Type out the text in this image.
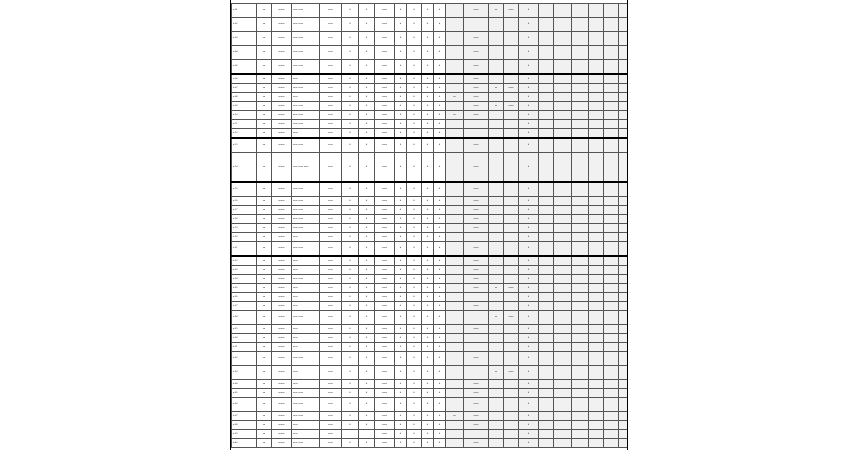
a-01	na	nnnnn	xxxx xxxx	xxxx	#	#	nnnn	#	#	#	#		nnnn	xx	nnnn	#						
a-02	na	nnnnn	xxxx xxxx	xxxx	#	#	nnnn	#	#	#	#					#						
a-03	na	nnnnn	xxxx xxxx	xxxx	#	#	nnnn	#	#	#	#		nnnn			#						
a-04	na	nnnnn	xxxx xxxx	xxxx	#	#	nnnn	#	#	#	#		nnnn			#						
a-05	na	nnnnn	xxxx xxxx	xxxx	#	#	nnnn	#	#	#	#		nnnn			#						
a-06	na	nnnnn	xxxx	xxxx	#	#	nnnn	#	#	#	#		nnnn			#						
a-07	na	nnnnn	xxxx xxxx	xxxx	#	#	nnnn	#	#	#	#		nnnn	xx	nnnn	#						
a-08	na	nnnnn	xxxx	xxxx	#	#	nnnn	#	#	#	#	nn	nnnn			#						
a-09	na	nnnnn	xxxx xxxx	xxxx	#	#	nnnn	#	#	#	#		nnnn	xx	nnnn	#						
a-10	na	nnnnn	xxxx xxxx	xxxx	#	#	nnnn	#	#	#	#	nn	nnnn			#						
a-11	na	nnnnn	xxxx xxxx	xxxx	#	#	nnnn	#	#	#	#					#						
a-12	na	nnnnn	xxxx	xxxx	#	#	nnnn	#	#	#	#					#						
a-13	na	nnnnn	xxxx xxxx	xxxx	#	#	nnnn	#	#	#	#		nnnn			#						
a-14	na	nnnnn	xxxx xxxx xxxx	xxxx	#	#	nnnn	#	#	#	#		nnnn			#						
a-15	na	nnnnn	xxxx xxxx	xxxx	#	#	nnnn	#	#	#	#		nnnn			#						
a-16	na	nnnnn	xxxx xxxx	xxxx	#	#	nnnn	#	#	#	#		nnnn			#						
a-17	na	nnnnn	xxxx xxxx	xxxx	#	#	nnnn	#	#	#	#		nnnn			#						
a-18	na	nnnnn	xxxx xxxx	xxxx	#	#	nnnn	#	#	#	#		nnnn			#						
a-19	na	nnnnn	xxxx xxxx	xxxx	#	#	nnnn	#	#	#	#		nnnn			#						
a-20	na	nnnnn	xxxx	xxxx	#	#	nnnn	#	#	#	#					#						
a-21	na	nnnnn	xxxx xxxx	xxxx	#	#	nnnn	#	#	#	#		nnnn			#						
a-22	na	nnnnn	xxxx	xxxx	#	#	nnnn	#	#	#	#		nnnn			#						
a-23	na	nnnnn	xxxx	xxxx	#	#	nnnn	#	#	#	#		nnnn			#						
a-24	na	nnnnn	xxxx xxxx	xxxx	#	#	nnnn	#	#	#	#		nnnn			#						
a-25	na	nnnnn	xxxx	xxxx	#	#	nnnn	#	#	#	#		nnnn	xx	nnnn	#						
a-26	na	nnnnn	xxxx	xxxx	#	#	nnnn	#	#	#	#					#						
a-27	na	nnnnn	xxxx	xxxx	#	#	nnnn	#	#	#	#		nnnn			#						
a-28	na	nnnnn	xxxx xxxx	xxxx	#	#	nnnn	#	#	#	#			xx	nnnn	#						
a-29	na	nnnnn	xxxx	xxxx	#	#	nnnn	#	#	#	#		nnnn			#						
a-30	na	nnnnn	xxxx	xxxx	#	#	nnnn	#	#	#	#					#						
a-31	na	nnnnn	xxxx	xxxx	#	#	nnnn	#	#	#	#					#						
a-32	na	nnnnn	xxxx xxxx	xxxx	#	#	nnnn	#	#	#	#		nnnn			#						
a-33	na	nnnnn	xxxx	xxxx	#	#	nnnn	#	#	#	#			xx	nnnn	#						
a-34	na	nnnnn	xxxx	xxxx	#	#	nnnn	#	#	#	#		nnnn			#						
a-35	na	nnnnn	xxxx xxxx	xxxx	#	#	nnnn	#	#	#	#		nnnn			#						
a-36	na	nnnnn	xxxx xxxx	xxxx	#	#	nnnn	#	#	#	#		nnnn			#						
a-37	na	nnnnn	xxxx xxxx	xxxx	#	#	nnnn	#	#	#	#	nn	nnnn			#						
a-38	na	nnnnn	xxxx	xxxx	#	#	nnnn	#	#	#	#		nnnn			#						
a-39	na	nnnnn	xxxx	xxxx			nnnn	#	#	#	#					#						
a-40	na	nnnnn	xxxx xxxx	xxxx	#	#	nnnn	#	#	#	#		nnnn			#						
